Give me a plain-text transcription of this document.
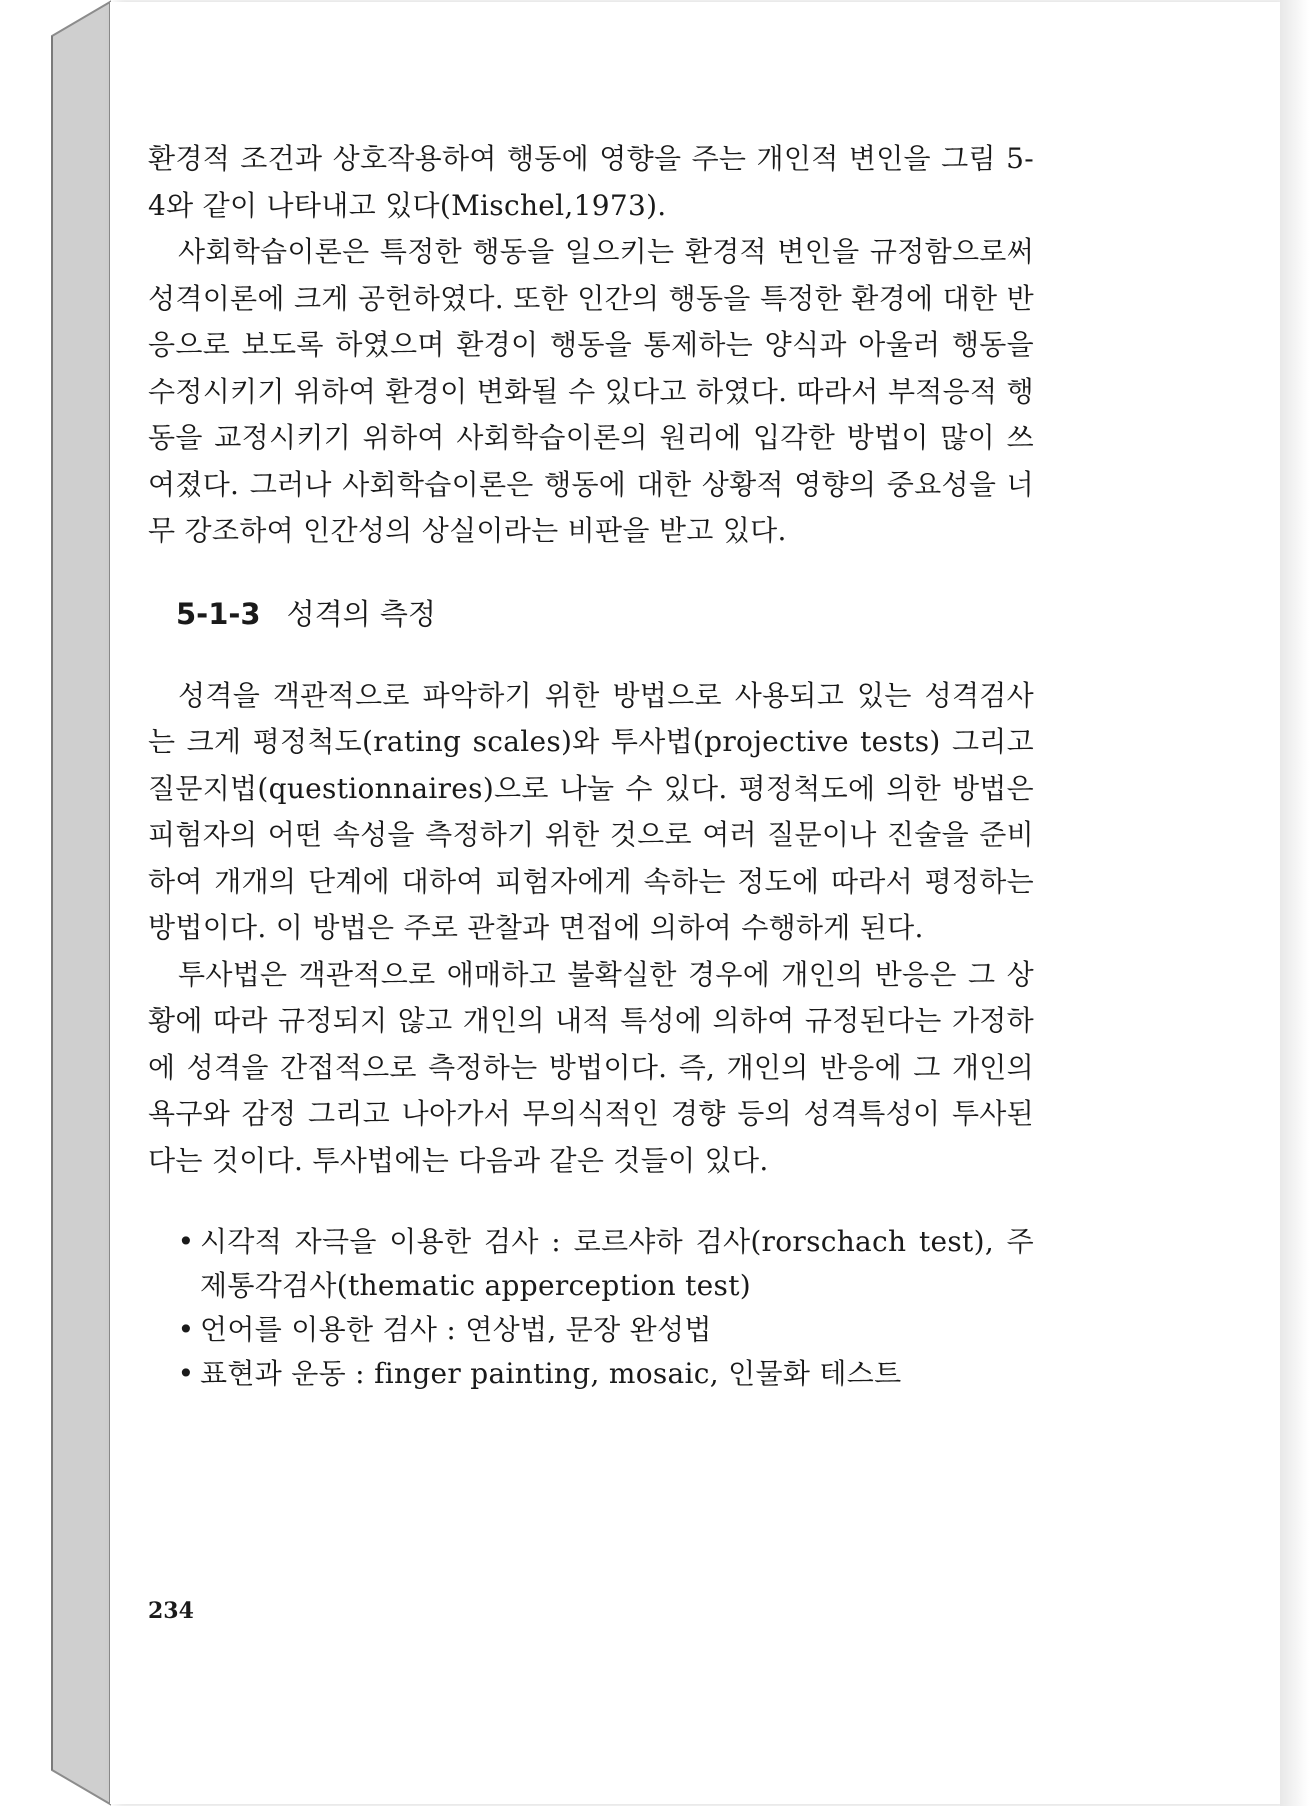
환경적 조건과 상호작용하여 행동에 영향을 주는 개인적 변인을 그림 5-4와 같이 나타내고 있다(Mischel,1973).

사회학습이론은 특정한 행동을 일으키는 환경적 변인을 규정함으로써 성격이론에 크게 공헌하였다. 또한 인간의 행동을 특정한 환경에 대한 반응으로 보도록 하였으며 환경이 행동을 통제하는 양식과 아울러 행동을 수정시키기 위하여 환경이 변화될 수 있다고 하였다. 따라서 부적응적 행동을 교정시키기 위하여 사회학습이론의 원리에 입각한 방법이 많이 쓰여졌다. 그러나 사회학습이론은 행동에 대한 상황적 영향의 중요성을 너무 강조하여 인간성의 상실이라는 비판을 받고 있다.

5-1-3 성격의 측정

성격을 객관적으로 파악하기 위한 방법으로 사용되고 있는 성격검사는 크게 평정척도(rating scales)와 투사법(projective tests) 그리고 질문지법(questionnaires)으로 나눌 수 있다. 평정척도에 의한 방법은 피험자의 어떤 속성을 측정하기 위한 것으로 여러 질문이나 진술을 준비하여 개개의 단계에 대하여 피험자에게 속하는 정도에 따라서 평정하는 방법이다. 이 방법은 주로 관찰과 면접에 의하여 수행하게 된다.

투사법은 객관적으로 애매하고 불확실한 경우에 개인의 반응은 그 상황에 따라 규정되지 않고 개인의 내적 특성에 의하여 규정된다는 가정하에 성격을 간접적으로 측정하는 방법이다. 즉, 개인의 반응에 그 개인의 욕구와 감정 그리고 나아가서 무의식적인 경향 등의 성격특성이 투사된다는 것이다. 투사법에는 다음과 같은 것들이 있다.

• 시각적 자극을 이용한 검사 : 로르샤하 검사(rorschach test), 주제통각검사(thematic apperception test)
• 언어를 이용한 검사 : 연상법, 문장 완성법
• 표현과 운동 : finger painting, mosaic, 인물화 테스트
234
